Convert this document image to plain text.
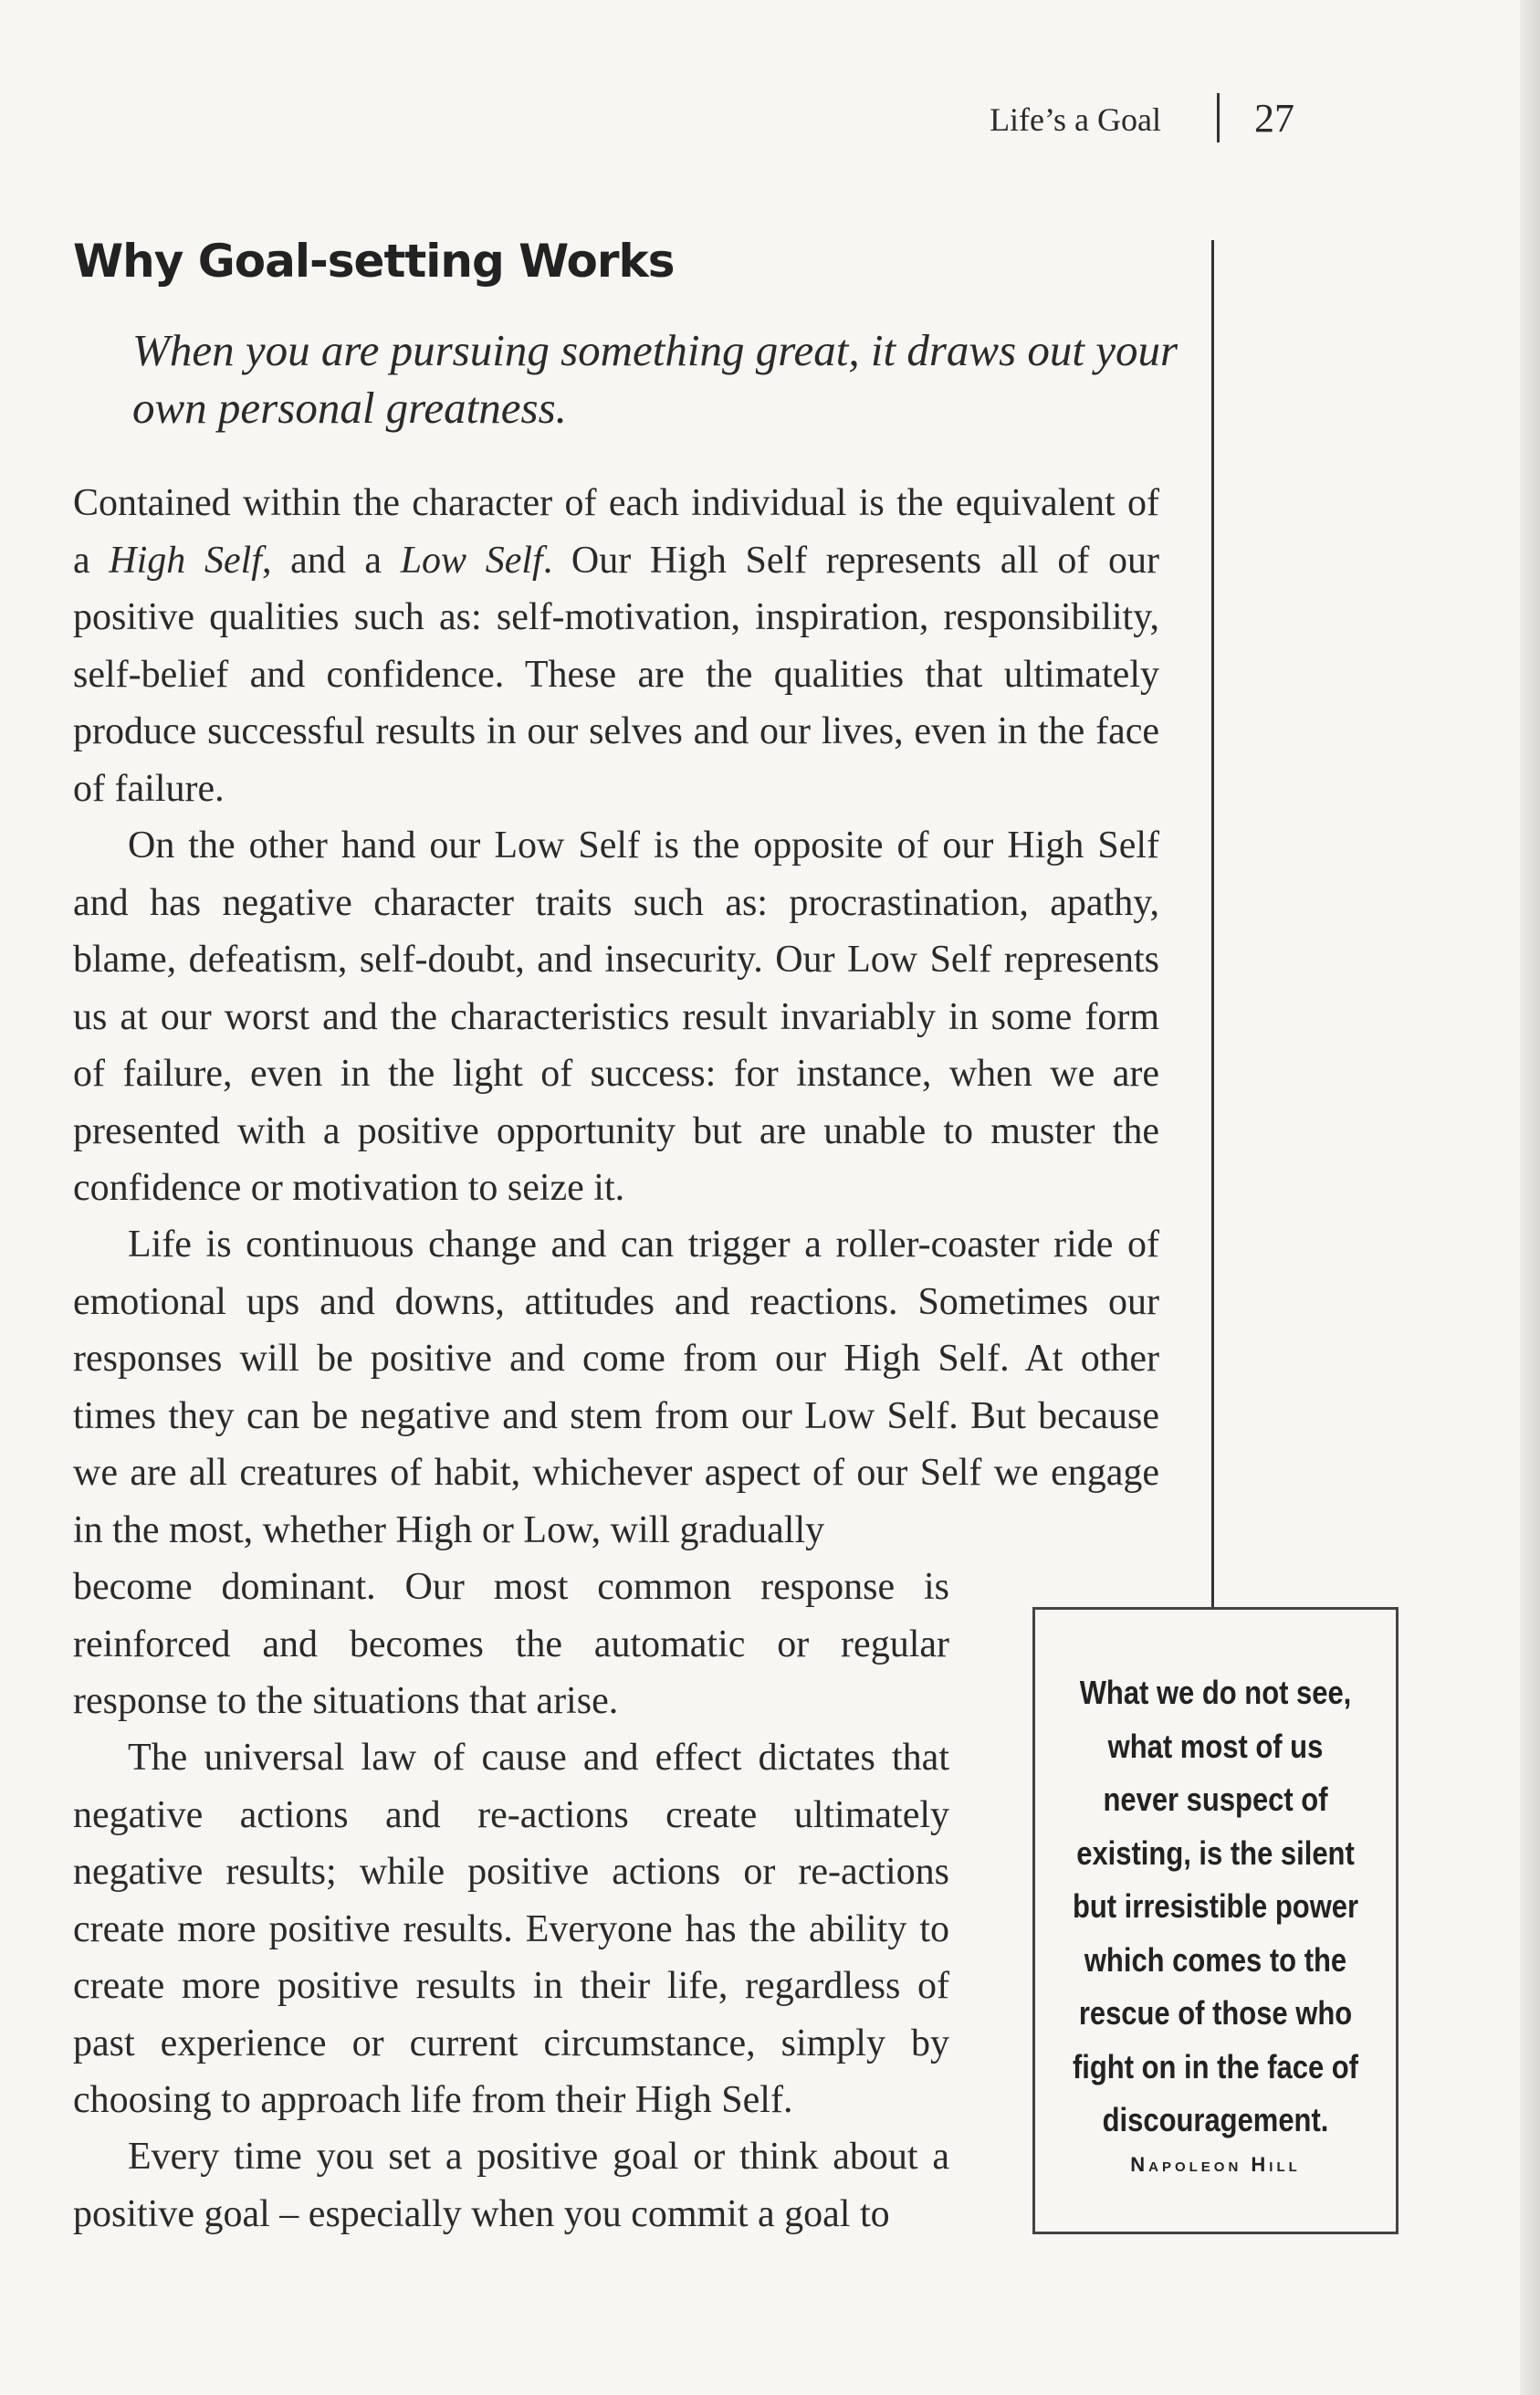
Life’s a Goal 27
Why Goal-setting Works

When you are pursuing something great, it draws out your own personal greatness.

Contained within the character of each individual is the equivalent of a High Self, and a Low Self. Our High Self represents all of our positive qualities such as: self-motivation, inspiration, responsibility, self-belief and confidence. These are the qualities that ultimately produce successful results in our selves and our lives, even in the face of failure.

On the other hand our Low Self is the opposite of our High Self and has negative character traits such as: procrastination, apathy, blame, defeatism, self-doubt, and insecurity. Our Low Self represents us at our worst and the characteristics result invariably in some form of failure, even in the light of success: for instance, when we are presented with a positive opportunity but are unable to muster the confidence or motivation to seize it.

Life is continuous change and can trigger a roller-coaster ride of emotional ups and downs, attitudes and reactions. Sometimes our responses will be positive and come from our High Self. At other times they can be negative and stem from our Low Self. But because we are all creatures of habit, whichever aspect of our Self we engage in the most, whether High or Low, will gradually

become dominant. Our most common response is reinforced and becomes the automatic or regular response to the situations that arise.

The universal law of cause and effect dictates that negative actions and re-actions create ultimately negative results; while positive actions or re-actions create more positive results. Everyone has the ability to create more positive results in their life, regardless of past experience or current circumstance, simply by choosing to approach life from their High Self.

Every time you set a positive goal or think about a positive goal – especially when you commit a goal to

What we do not see, what most of us never suspect of existing, is the silent but irresistible power which comes to the rescue of those who fight on in the face of discouragement.
Napoleon Hill
